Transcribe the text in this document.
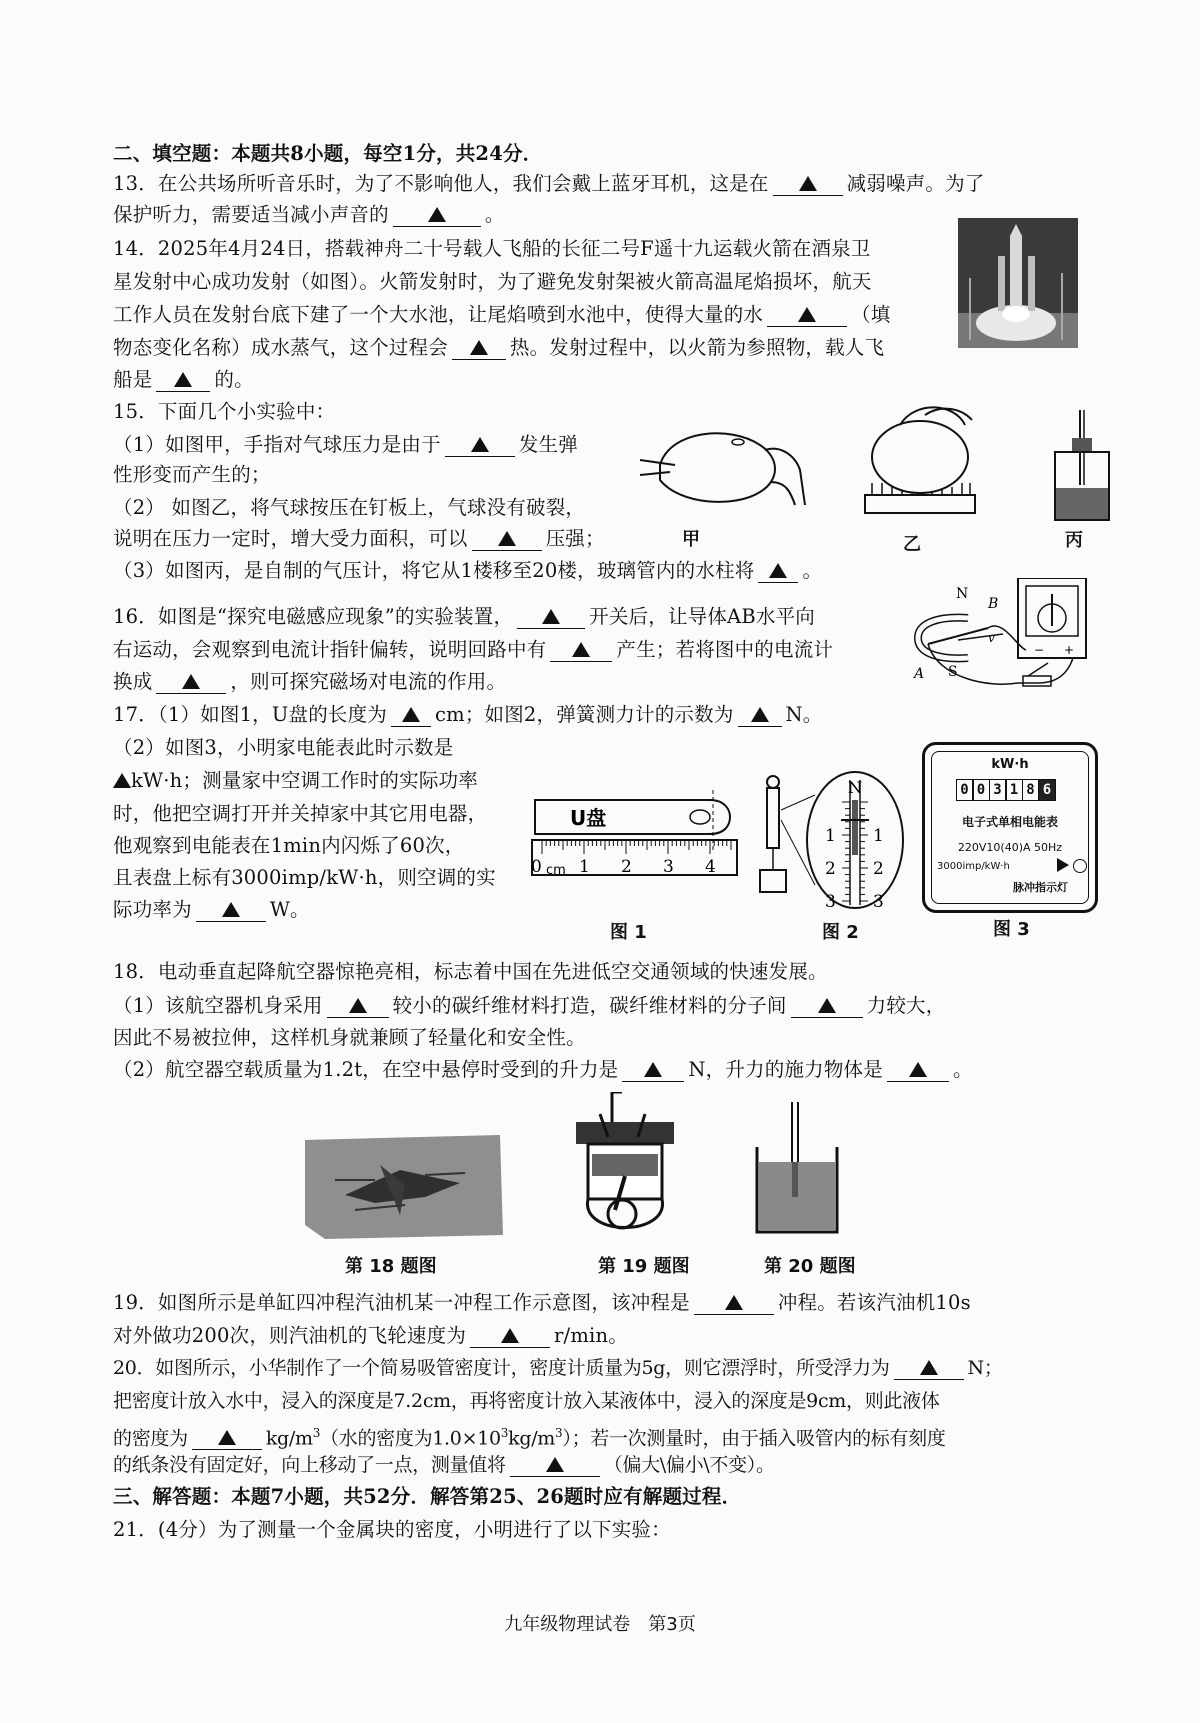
二、填空题：本题共8小题，每空1分，共24分．
13．在公共场所听音乐时，为了不影响他人，我们会戴上蓝牙耳机，这是在	减弱噪声。为了
保护听力，需要适当减小声音的	。
14．2025年4月24日，搭载神舟二十号载人飞船的长征二号F遥十九运载火箭在酒泉卫
星发射中心成功发射（如图）。火箭发射时，为了避免发射架被火箭高温尾焰损坏，航天
工作人员在发射台底下建了一个大水池，让尾焰喷到水池中，使得大量的水	（填
物态变化名称）成水蒸气，这个过程会	热。发射过程中，以火箭为参照物，载人飞
船是	的。
15．下面几个小实验中：
（1）如图甲，手指对气球压力是由于	发生弹
性形变而产生的；
（2） 如图乙，将气球按压在钉板上，气球没有破裂，
说明在压力一定时，增大受力面积，可以	压强；
（3）如图丙，是自制的气压计，将它从1楼移至20楼，玻璃管内的水柱将 。
甲	乙	丙
16．如图是“探究电磁感应现象”的实验装置，	开关后，让导体AB水平向
右运动，会观察到电流计指针偏转，说明回路中有	产生；若将图中的电流计
换成	，则可探究磁场对电流的作用。
− +
N
B
A S
v
17．（1）如图1，U盘的长度为 cm；如图2，弹簧测力计的示数为	N。
（2）如图3，小明家电能表此时示数是
kW·h；测量家中空调工作时的实际功率
时，他把空调打开并关掉家中其它用电器，
他观察到电能表在1min内闪烁了60次，
且表盘上标有3000imp/kW·h，则空调的实
际功率为	W。
U盘
0 1 2 3 4
cm
图 1
N
1 1
2 2
3 3
图 2
kW·h
0 0 3 1 8 6
电子式单相电能表
220V10(40)A 50Hz
3000imp/kW·h
脉冲指示灯
图 3
18．电动垂直起降航空器惊艳亮相，标志着中国在先进低空交通领域的快速发展。
（1）该航空器机身采用	较小的碳纤维材料打造，碳纤维材料的分子间	力较大，
因此不易被拉伸，这样机身就兼顾了轻量化和安全性。
（2）航空器空载质量为1.2t，在空中悬停时受到的升力是	N，升力的施力物体是	。
第 18 题图	第 19 题图	第 20 题图
19．如图所示是单缸四冲程汽油机某一冲程工作示意图，该冲程是	冲程。若该汽油机10s
对外做功200次，则汽油机的飞轮速度为	r/min。
20．如图所示，小华制作了一个简易吸管密度计，密度计质量为5g，则它漂浮时，所受浮力为	N；
把密度计放入水中，浸入的深度是7.2cm，再将密度计放入某液体中，浸入的深度是9cm，则此液体
的密度为	$kg/m^3$（水的密度为$1.0\times 10^3kg/m^3$）；若一次测量时，由于插入吸管内的标有刻度
的纸条没有固定好，向上移动了一点，测量值将	（偏大\偏小\不变）。
三、解答题：本题7小题，共52分．解答第25、26题时应有解题过程．
21．(4分）为了测量一个金属块的密度，小明进行了以下实验：
九年级物理试卷　第3页
